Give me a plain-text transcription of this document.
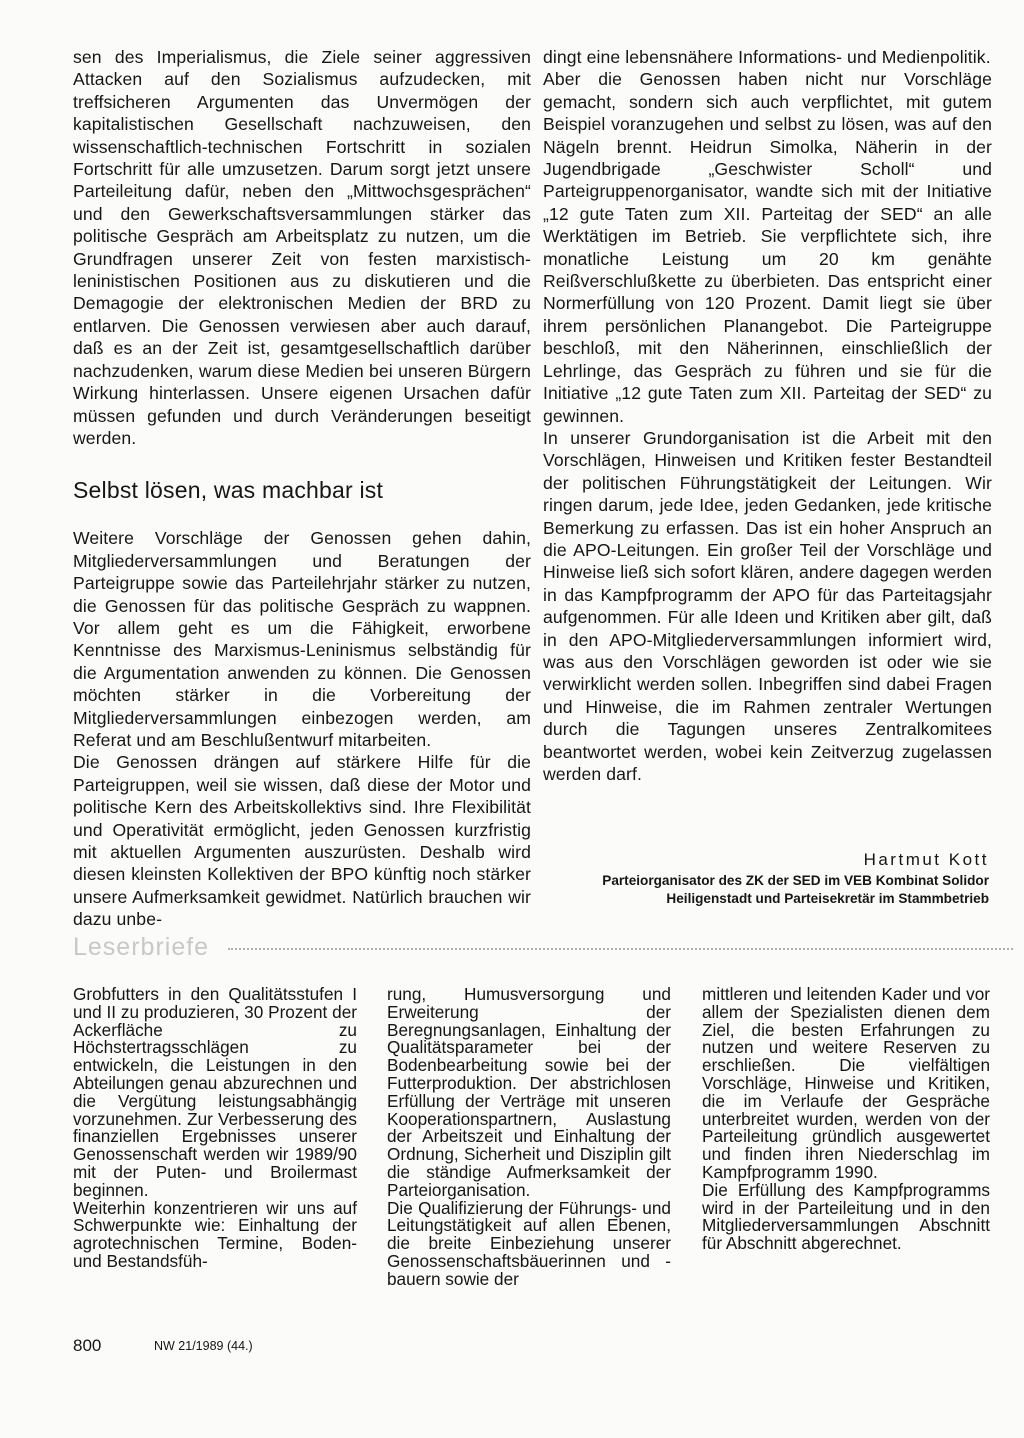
sen des Imperialismus, die Ziele seiner aggressiven Attacken auf den Sozialismus aufzudecken, mit treffsicheren Argumenten das Unvermögen der kapitalistischen Gesellschaft nachzuweisen, den wissenschaftlich-technischen Fortschritt in sozialen Fortschritt für alle umzusetzen. Darum sorgt jetzt unsere Parteileitung dafür, neben den „Mittwochsgesprächen“ und den Gewerkschaftsversammlungen stärker das politische Gespräch am Arbeitsplatz zu nutzen, um die Grundfragen unserer Zeit von festen marxistisch-leninistischen Positionen aus zu diskutieren und die Demagogie der elektronischen Medien der BRD zu entlarven. Die Genossen verwiesen aber auch darauf, daß es an der Zeit ist, gesamtgesellschaftlich darüber nachzudenken, warum diese Medien bei unseren Bürgern Wirkung hinterlassen. Unsere eigenen Ursachen dafür müssen gefunden und durch Veränderungen beseitigt werden.

Selbst lösen, was machbar ist

Weitere Vorschläge der Genossen gehen dahin, Mitgliederversammlungen und Beratungen der Parteigruppe sowie das Parteilehrjahr stärker zu nutzen, die Genossen für das politische Gespräch zu wappnen. Vor allem geht es um die Fähigkeit, erworbene Kenntnisse des Marxismus-Leninismus selbständig für die Argumentation anwenden zu können. Die Genossen möchten stärker in die Vorbereitung der Mitgliederversammlungen einbezogen werden, am Referat und am Beschlußentwurf mitarbeiten.

Die Genossen drängen auf stärkere Hilfe für die Parteigruppen, weil sie wissen, daß diese der Motor und politische Kern des Arbeitskollektivs sind. Ihre Flexibilität und Operativität ermöglicht, jeden Genossen kurzfristig mit aktuellen Argumenten auszurüsten. Deshalb wird diesen kleinsten Kollektiven der BPO künftig noch stärker unsere Aufmerksamkeit gewidmet. Natürlich brauchen wir dazu unbe-

dingt eine lebensnähere Informations- und Medienpolitik.

Aber die Genossen haben nicht nur Vorschläge gemacht, sondern sich auch verpflichtet, mit gutem Beispiel voranzugehen und selbst zu lösen, was auf den Nägeln brennt. Heidrun Simolka, Näherin in der Jugendbrigade „Geschwister Scholl“ und Parteigruppenorganisator, wandte sich mit der Initiative „12 gute Taten zum XII. Parteitag der SED“ an alle Werktätigen im Betrieb. Sie verpflichtete sich, ihre monatliche Leistung um 20 km genähte Reißverschlußkette zu überbieten. Das entspricht einer Normerfüllung von 120 Prozent. Damit liegt sie über ihrem persönlichen Planangebot. Die Parteigruppe beschloß, mit den Näherinnen, einschließlich der Lehrlinge, das Gespräch zu führen und sie für die Initiative „12 gute Taten zum XII. Parteitag der SED“ zu gewinnen.

In unserer Grundorganisation ist die Arbeit mit den Vorschlägen, Hinweisen und Kritiken fester Bestandteil der politischen Führungstätigkeit der Leitungen. Wir ringen darum, jede Idee, jeden Gedanken, jede kritische Bemerkung zu erfassen. Das ist ein hoher Anspruch an die APO-Leitungen. Ein großer Teil der Vorschläge und Hinweise ließ sich sofort klären, andere dagegen werden in das Kampfprogramm der APO für das Parteitagsjahr aufgenommen. Für alle Ideen und Kritiken aber gilt, daß in den APO-Mitgliederversammlungen informiert wird, was aus den Vorschlägen geworden ist oder wie sie verwirklicht werden sollen. Inbegriffen sind dabei Fragen und Hinweise, die im Rahmen zentraler Wertungen durch die Tagungen unseres Zentralkomitees beantwortet werden, wobei kein Zeitverzug zugelassen werden darf.

Hartmut Kott
Parteiorganisator des ZK der SED im VEB Kombinat Solidor
Heiligenstadt und Parteisekretär im Stammbetrieb
Leserbriefe

Grobfutters in den Qualitätsstufen I und II zu produzieren, 30 Prozent der Ackerfläche zu Höchstertragsschlägen zu entwickeln, die Leistungen in den Abteilungen genau abzurechnen und die Vergütung leistungsabhängig vorzunehmen. Zur Verbesserung des finanziellen Ergebnisses unserer Genossenschaft werden wir 1989/90 mit der Puten- und Broilermast beginnen.

Weiterhin konzentrieren wir uns auf Schwerpunkte wie: Einhaltung der agrotechnischen Termine, Boden- und Bestandsfüh-

rung, Humusversorgung und Erweiterung der Beregnungsanlagen, Einhaltung der Qualitätsparameter bei der Bodenbearbeitung sowie bei der Futterproduktion. Der abstrichlosen Erfüllung der Verträge mit unseren Kooperationspartnern, Auslastung der Arbeitszeit und Einhaltung der Ordnung, Sicherheit und Disziplin gilt die ständige Aufmerksamkeit der Parteiorganisation.

Die Qualifizierung der Führungs- und Leitungstätigkeit auf allen Ebenen, die breite Einbeziehung unserer Genossenschaftsbäuerinnen und -bauern sowie der

mittleren und leitenden Kader und vor allem der Spezialisten dienen dem Ziel, die besten Erfahrungen zu nutzen und weitere Reserven zu erschließen. Die vielfältigen Vorschläge, Hinweise und Kritiken, die im Verlaufe der Gespräche unterbreitet wurden, werden von der Parteileitung gründlich ausgewertet und finden ihren Niederschlag im Kampfprogramm 1990.

Die Erfüllung des Kampfprogramms wird in der Parteileitung und in den Mitgliederversammlungen Abschnitt für Abschnitt abgerechnet.

800	NW 21/1989 (44.)
